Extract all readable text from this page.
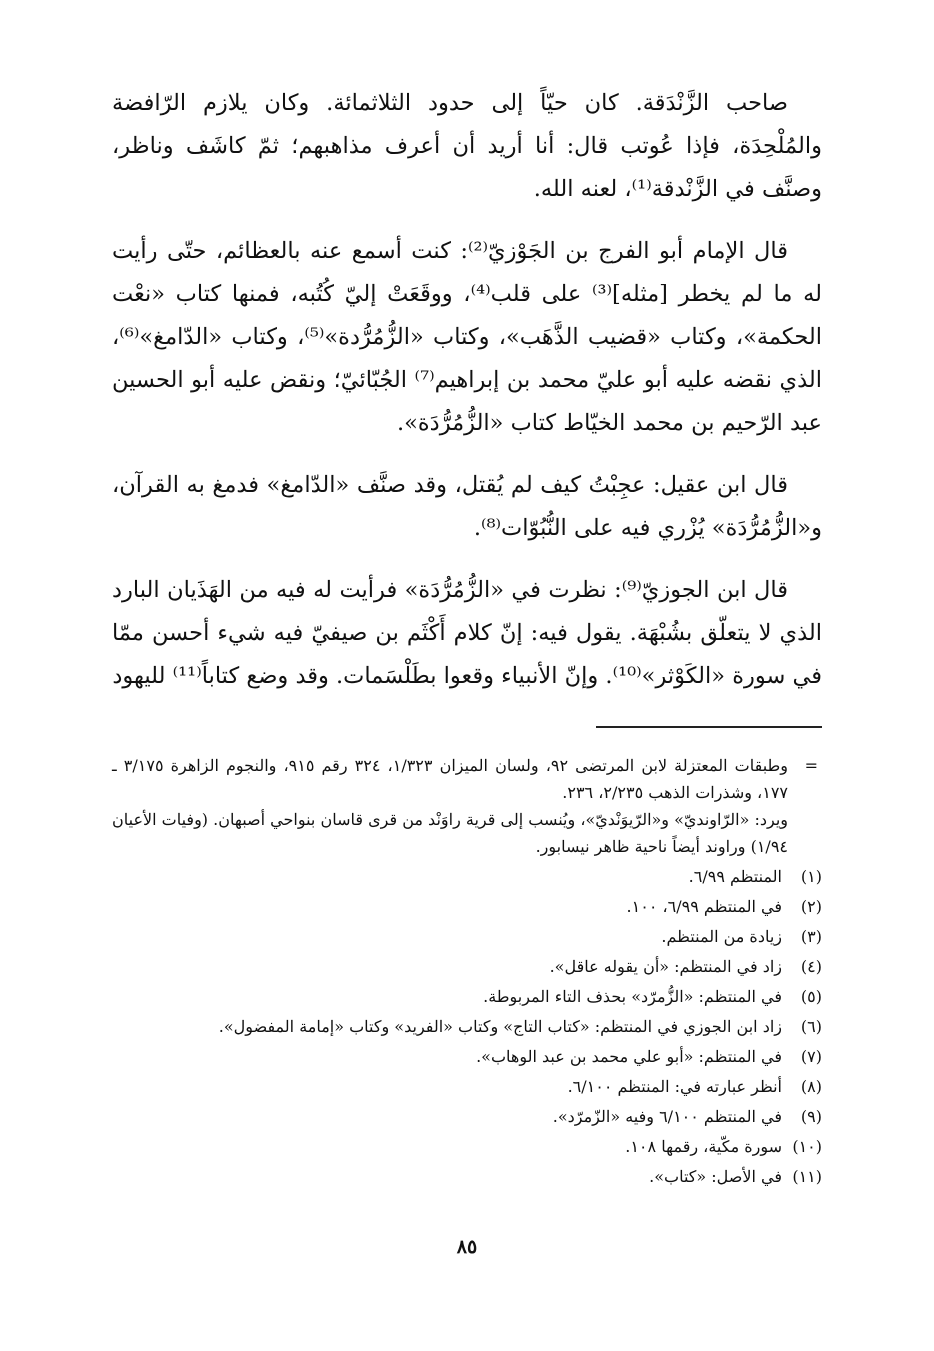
صاحب الزَّنْدَقة. كان حيّاً إلى حدود الثلاثمائة. وكان يلازم الرّافضة والمُلْحِدَة، فإذا عُوتب قال: أنا أريد أن أعرف مذاهبهم؛ ثمّ كاشَف وناظر، وصنَّف في الزَّنْدقة⁽¹⁾، لعنه الله.

قال الإمام أبو الفرج بن الجَوْزيّ⁽²⁾: كنت أسمع عنه بالعظائم، حتّى رأيت له ما لم يخطر [مثله]⁽³⁾ على قلب⁽⁴⁾، ووقَعَتْ إليّ كُتُبه، فمنها كتاب «نعْت الحكمة»، وكتاب «قضيب الذَّهَب»، وكتاب «الزُّمُرُّدة»⁽⁵⁾، وكتاب «الدّامغ»⁽⁶⁾، الذي نقضه عليه أبو عليّ محمد بن إبراهيم⁽⁷⁾ الجُبّائيّ؛ ونقض عليه أبو الحسين عبد الرّحيم بن محمد الخيّاط كتاب «الزُّمُرُّدَة».

قال ابن عقيل: عجِبْتُ كيف لم يُقتل، وقد صنَّف «الدّامغ» فدمغ به القرآن، و«الزُّمُرُّدَة» يُزْري فيه على النُّبُوّات⁽⁸⁾.

قال ابن الجوزيّ⁽⁹⁾: نظرت في «الزُّمُرُّدَة» فرأيت له فيه من الهَذَيان البارد الذي لا يتعلّق بشُبْهَة. يقول فيه: إنّ كلام أَكْثَم بن صيفيّ فيه شيء أحسن ممّا في سورة «الكَوْثر»⁽¹⁰⁾. وإنّ الأنبياء وقعوا بطَلْسَمات. وقد وضع كتاباً⁽¹¹⁾ لليهود

=
وطبقات المعتزلة لابن المرتضى ٩٢، ولسان الميزان ١/٣٢٣، ٣٢٤ رقم ٩١٥، والنجوم الزاهرة ٣/١٧٥ ـ ١٧٧، وشذرات الذهب ٢/٢٣٥، ٢٣٦.
ويرد: «الرّاونديّ» و«الرّيوَنْديّ»، ويُنسب إلى قرية راوَنْد من قرى قاسان بنواحي أصبهان. (وفيات الأعيان ١/٩٤) وراوند أيضاً ناحية ظاهر نيسابور.
(١)المنتظم ٦/٩٩.
(٢)في المنتظم ٦/٩٩، ١٠٠.
(٣)زيادة من المنتظم.
(٤)زاد في المنتظم: «أن يقوله عاقل».
(٥)في المنتظم: «الزُّمرّد» بحذف التاء المربوطة.
(٦)زاد ابن الجوزي في المنتظم: «كتاب التاج» وكتاب «الفريد» وكتاب «إمامة المفضول».
(٧)في المنتظم: «أبو علي محمد بن عبد الوهاب».
(٨)أنظر عبارته في: المنتظم ٦/١٠٠.
(٩)في المنتظم ٦/١٠٠ وفيه «الزّمرّد».
(١٠)سورة مكّية، رقمها ١٠٨.
(١١)في الأصل: «كتاب».
٨٥
